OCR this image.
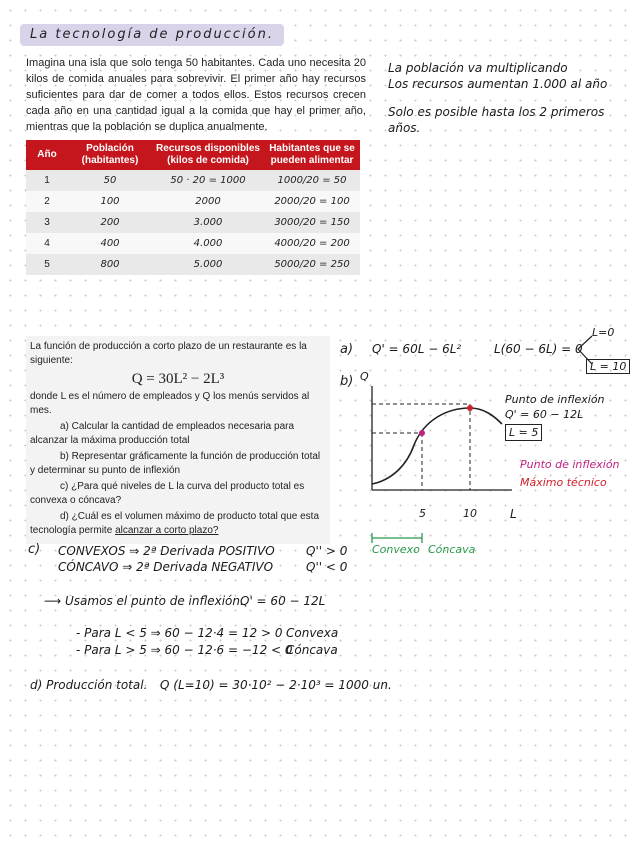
La tecnología de producción.
Imagina una isla que solo tenga 50 habitantes. Cada uno necesita 20 kilos de comida anuales para sobrevivir. El primer año hay recursos suficientes para dar de comer a todos ellos. Estos recursos crecen cada año en una cantidad igual a la comida que hay el primer año, mientras que la población se duplica anualmente.
Año	Población (habitantes)	Recursos disponibles (kilos de comida)	Habitantes que se pueden alimentar
1	50	50 · 20 = 1000	1000/20 = 50
2	100	2000	2000/20 = 100
3	200	3.000	3000/20 = 150
4	400	4.000	4000/20 = 200
5	800	5.000	5000/20 = 250
La población va multiplicando
Los recursos aumentan 1.000 al año
Solo es posible hasta los 2 primeros
años.

La función de producción a corto plazo de un restaurante es la siguiente:

Q = 30L² − 2L³

donde L es el número de empleados y Q los menús servidos al mes.

a) Calcular la cantidad de empleados necesaria para alcanzar la máxima producción total

b) Representar gráficamente la función de producción total y determinar su punto de inflexión

c) ¿Para qué niveles de L la curva del producto total es convexa o cóncava?

d) ¿Cuál es el volumen máximo de producto total que esta tecnología permite alcanzar a corto plazo?

a) Q' = 60L − 6L²	L(60 − 6L) = 0
L=0
L = 10
b) Q
L
5	10
Punto de inflexión
Q' = 60 − 12L
L = 5
Punto de inflexión
Máximo técnico
Convexo Cóncava
c) CONVEXOS ⇒ 2ª Derivada POSITIVO	Q'' > 0
CÓNCAVO ⇒ 2ª Derivada NEGATIVO	Q'' < 0
⟶ Usamos el punto de inflexión.
Q' = 60 − 12L
- Para L < 5 ⇒ 60 − 12·4 = 12 > 0 Convexa
- Para L > 5 ⇒ 60 − 12·6 = −12 < 0
Cóncava
d) Producción total. Q (L=10) = 30·10² − 2·10³ = 1000 un.
